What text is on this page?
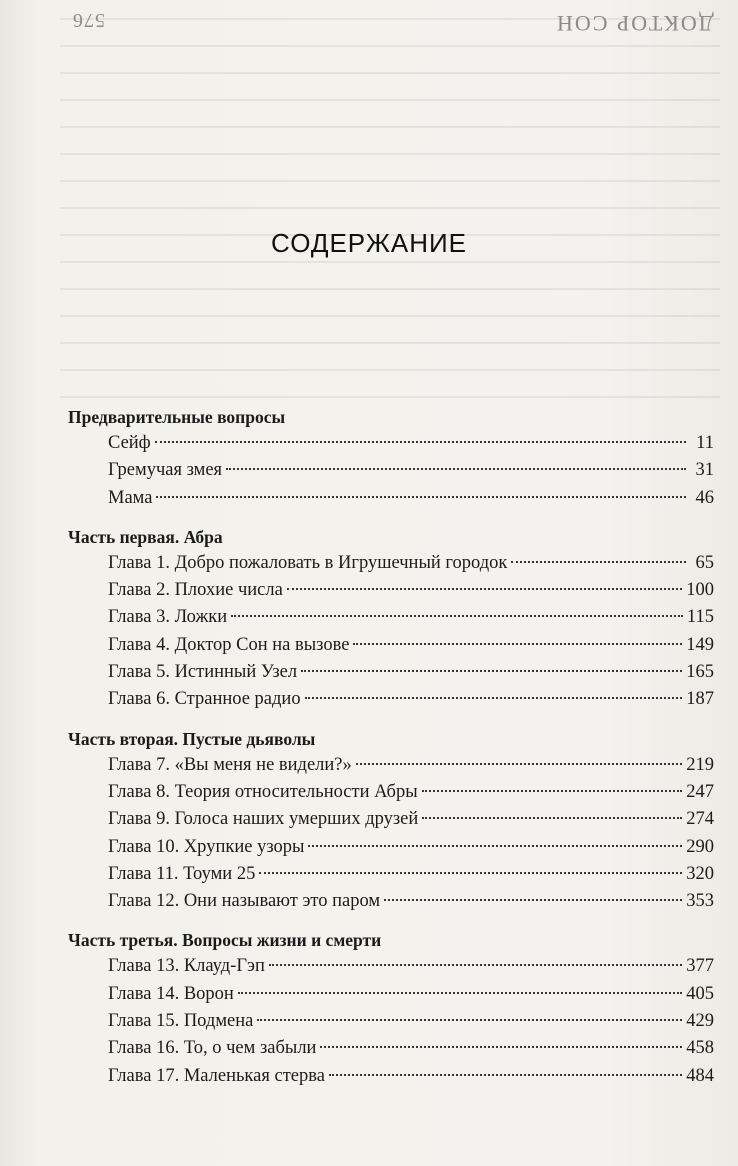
576	ДОКТОР СОН
СОДЕРЖАНИЕ
Предварительные вопросы
Сейф	11
Гремучая змея	31
Мама	46
Часть первая. Абра
Глава 1. Добро пожаловать в Игрушечный городок	65
Глава 2. Плохие числа	100
Глава 3. Ложки	115
Глава 4. Доктор Сон на вызове	149
Глава 5. Истинный Узел	165
Глава 6. Странное радио	187
Часть вторая. Пустые дьяволы
Глава 7. «Вы меня не видели?»	219
Глава 8. Теория относительности Абры	247
Глава 9. Голоса наших умерших друзей	274
Глава 10. Хрупкие узоры	290
Глава 11. Тоуми 25	320
Глава 12. Они называют это паром	353
Часть третья. Вопросы жизни и смерти
Глава 13. Клауд-Гэп	377
Глава 14. Ворон	405
Глава 15. Подмена	429
Глава 16. То, о чем забыли	458
Глава 17. Маленькая стерва	484
